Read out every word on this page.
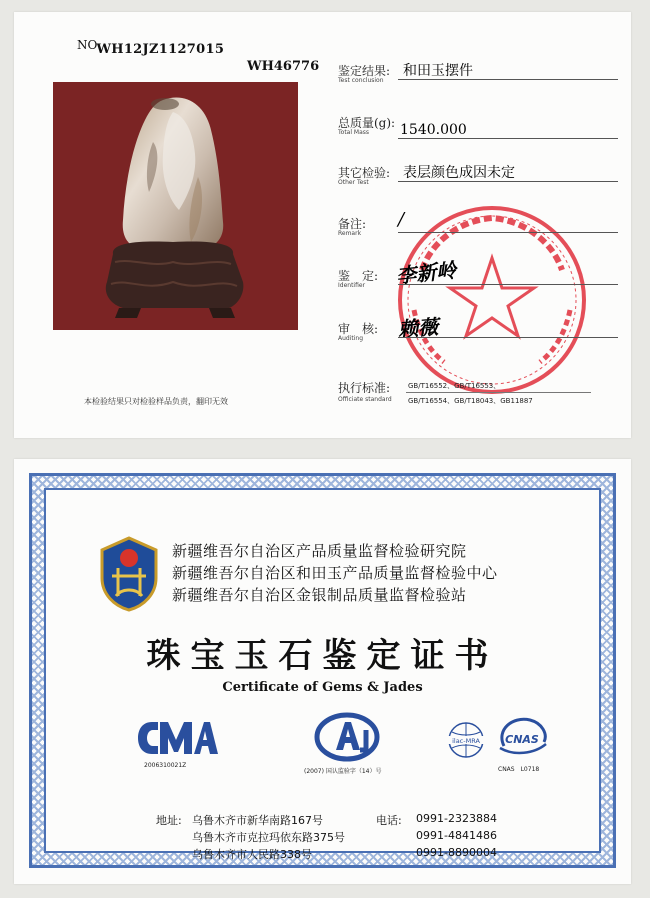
NOWH12JZ1127015
WH46776
本检验结果只对检验样品负责，翻印无效
鉴定结果:
Test conclusion
和田玉摆件
总质量(g):
Total Mass 1540.000
其它检验:
Other Test
表层颜色成因未定
备注:
Remark
/
鉴　定:
Identifier 李新岭
审　核:
Auditing 赖薇
执行标准:
Officiate standard
GB/T16552、GB/T16553、
GB/T16554、GB/T18043、GB11887
新疆维吾尔自治区产品质量监督检验研究院
新疆维吾尔自治区和田玉产品质量监督检验中心
新疆维吾尔自治区金银制品质量监督检验站
珠宝玉石鉴定证书
Certificate of Gems & Jades
2006310021Z
(2007) 国认监验字（14）号
ilac-MRA CNAS
CNAS　L0718
地址: 乌鲁木齐市新华南路167号
乌鲁木齐市克拉玛依东路375号
乌鲁木齐市人民路338号
电话: 0991-2323884
0991-4841486
0991-8890004
